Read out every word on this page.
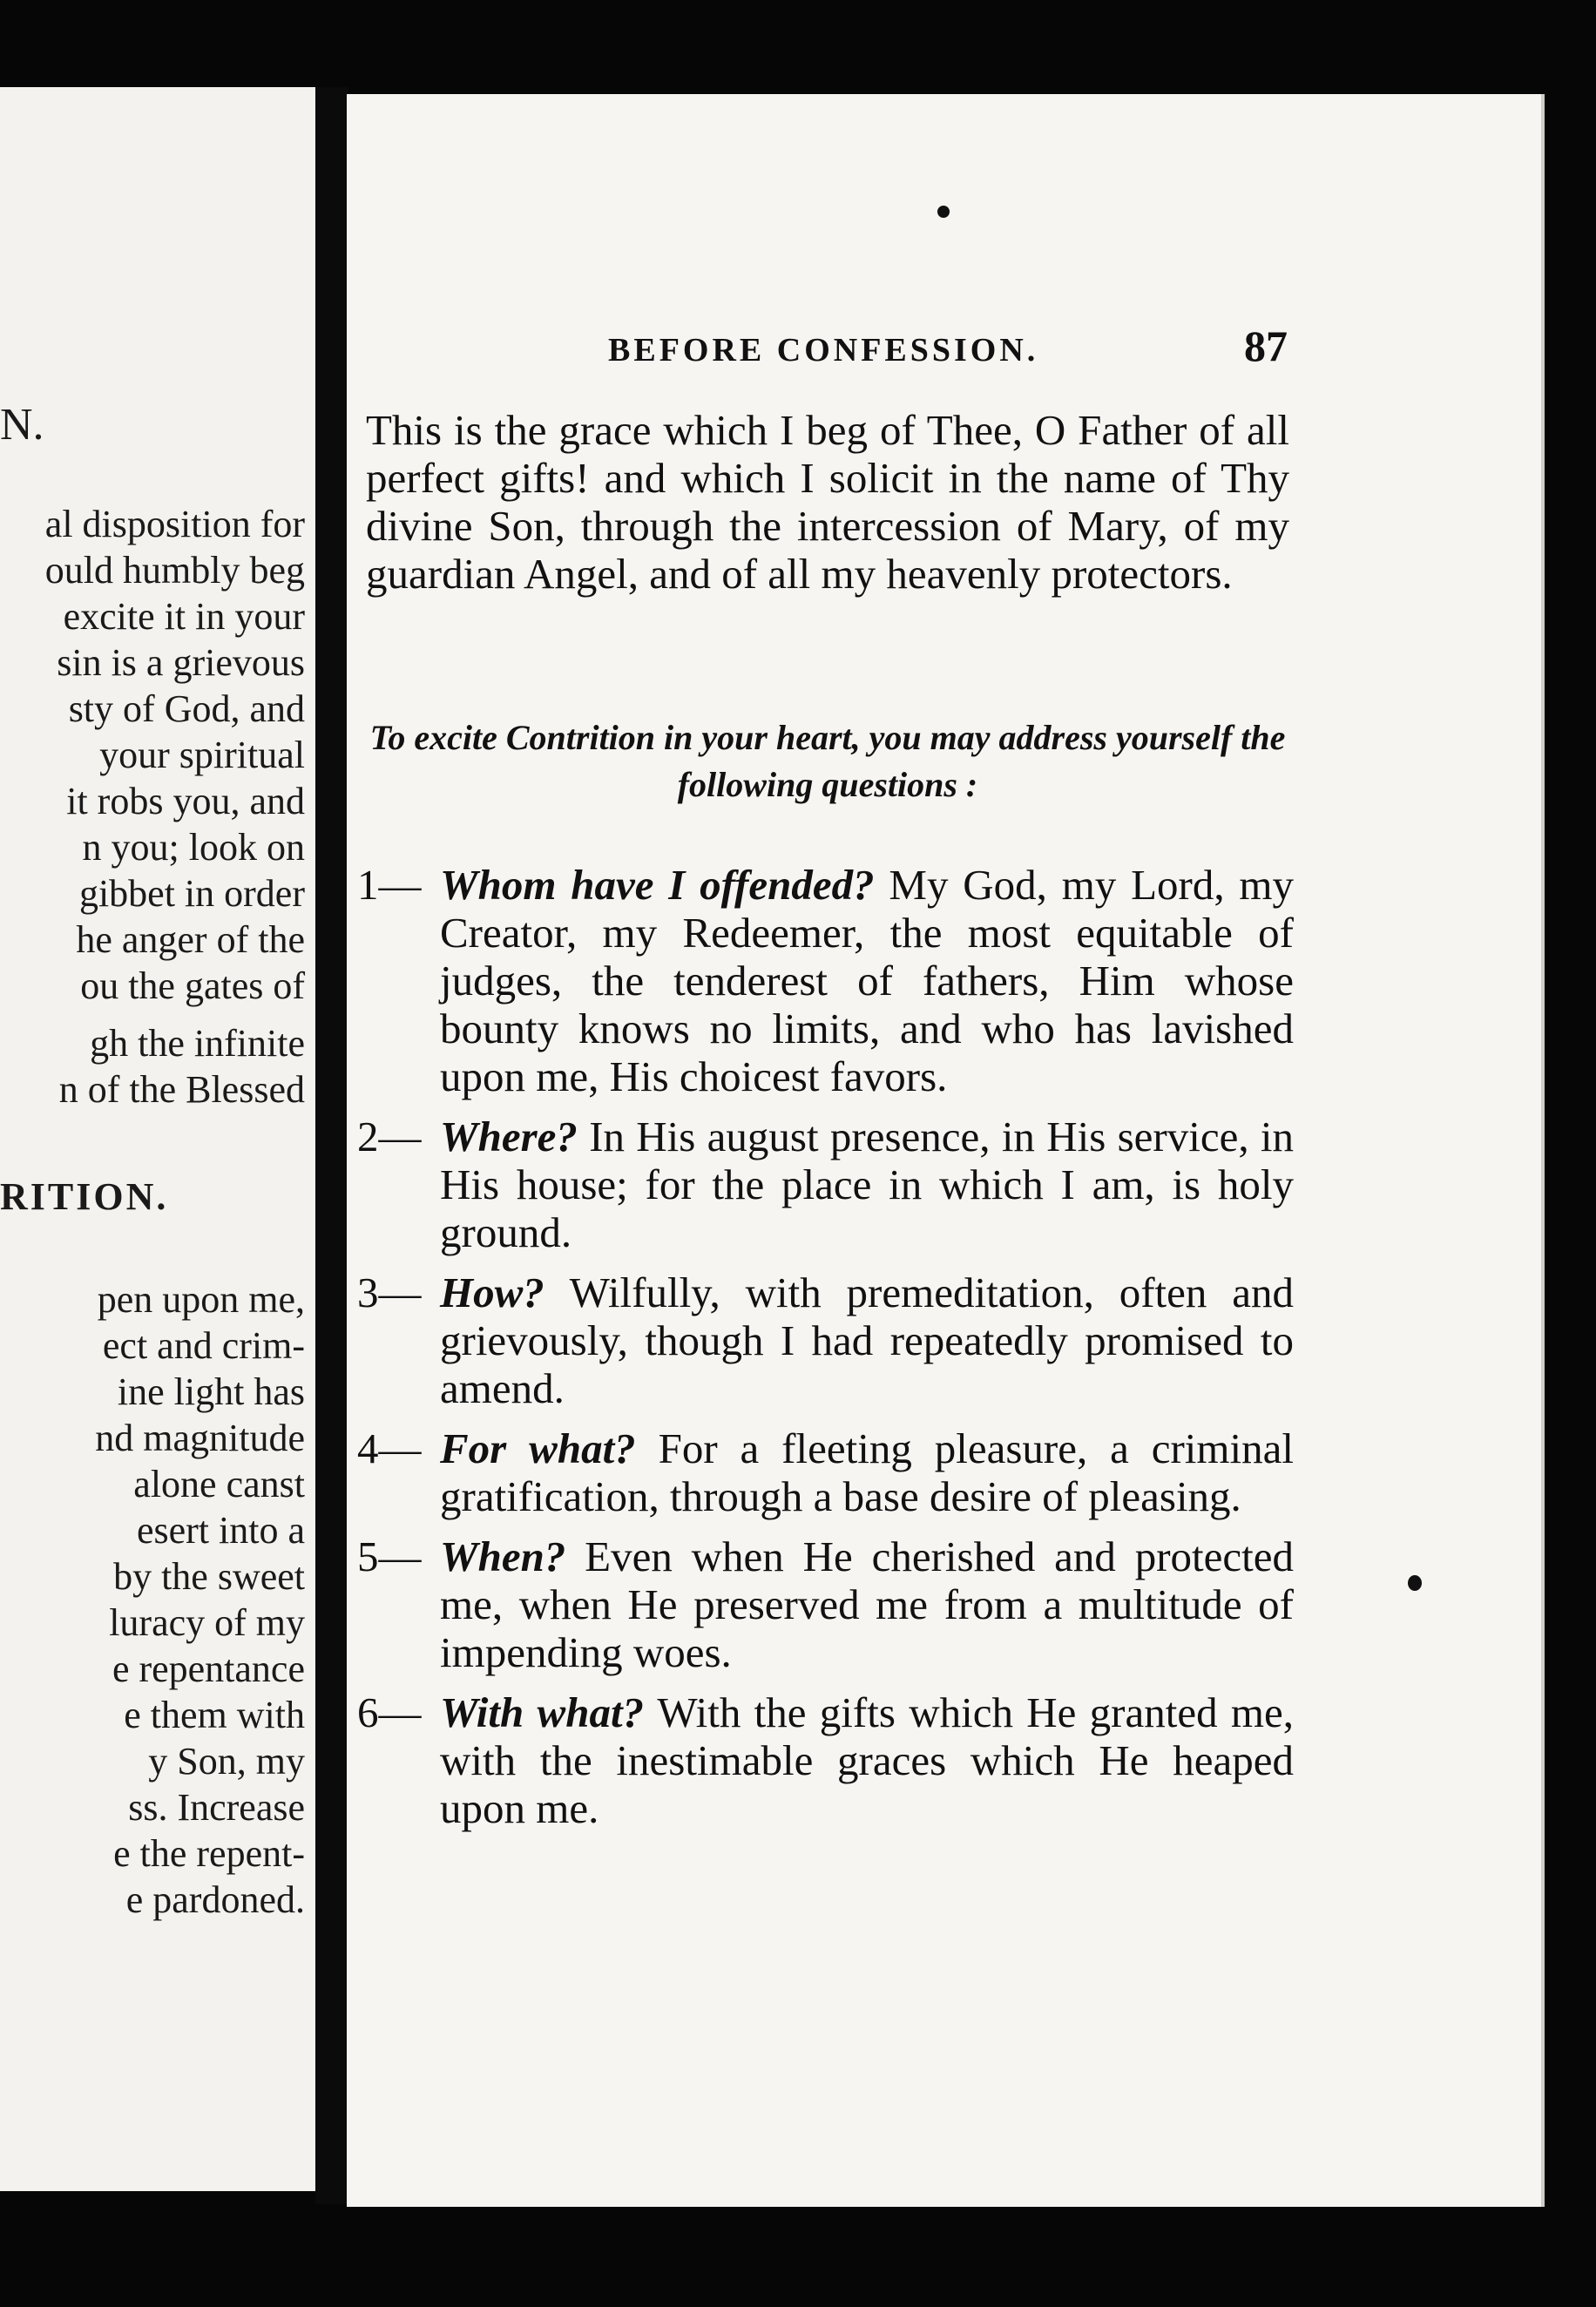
N.
al disposition for
ould humbly beg
excite it in your
sin is a grievous
sty of God, and
your spiritual
it robs you, and
n you; look on
gibbet in order
he anger of the
ou the gates of
gh the infinite
n of the Blessed
RITION.
pen upon me,
ect and crim-
ine light has
nd magnitude
alone canst
esert into a
by the sweet
luracy of my
e repentance
e them with
y Son, my
ss. Increase
e the repent-
e pardoned.
BEFORE CONFESSION.	87

This is the grace which I beg of Thee, O Father of all perfect gifts! and which I solicit in the name of Thy divine Son, through the intercession of Mary, of my guardian Angel, and of all my heavenly protectors.

To excite Contrition in your heart, you may address yourself the following questions :

1— Whom have I offended? My God, my Lord, my Creator, my Redeemer, the most equitable of judges, the tenderest of fathers, Him whose bounty knows no limits, and who has lavished upon me, His choicest favors.
2— Where? In His august presence, in His service, in His house; for the place in which I am, is holy ground.
3— How? Wilfully, with premeditation, often and grievously, though I had repeatedly promised to amend.
4— For what? For a fleeting pleasure, a criminal gratification, through a base desire of pleasing.
5— When? Even when He cherished and protected me, when He preserved me from a multitude of impending woes.
6— With what? With the gifts which He granted me, with the inestimable graces which He heaped upon me.
